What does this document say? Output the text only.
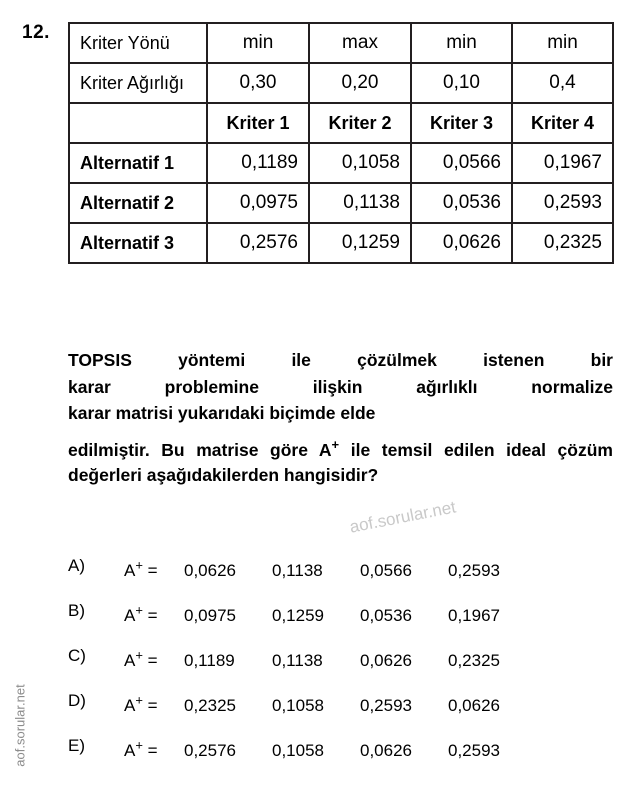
12. Kriter Yönü	min	max	min	min
Kriter Ağırlığı	0,30	0,20	0,10	0,4
	Kriter 1	Kriter 2	Kriter 3	Kriter 4
Alternatif 1	0,1189	0,1058	0,0566	0,1967
Alternatif 2	0,0975	0,1138	0,0536	0,2593
Alternatif 3	0,2576	0,1259	0,0626	0,2325

TOPSIS yöntemi ile çözülmek istenen bir

karar problemine ilişkin ağırlıklı normalize

karar matrisi yukarıdaki biçimde elde

edilmiştir. Bu matrise göre A+ ile temsil edilen ideal çözüm değerleri aşağıdakilerden hangisidir?

A) A+ = 0,0626 0,1138 0,0566 0,2593
B) A+ = 0,0975 0,1259 0,0536 0,1967
C) A+ = 0,1189 0,1138 0,0626 0,2325
D) A+ = 0,2325 0,1058 0,2593 0,0626
E) A+ = 0,2576 0,1058 0,0626 0,2593
aof.sorular.net
aof.sorular.net
